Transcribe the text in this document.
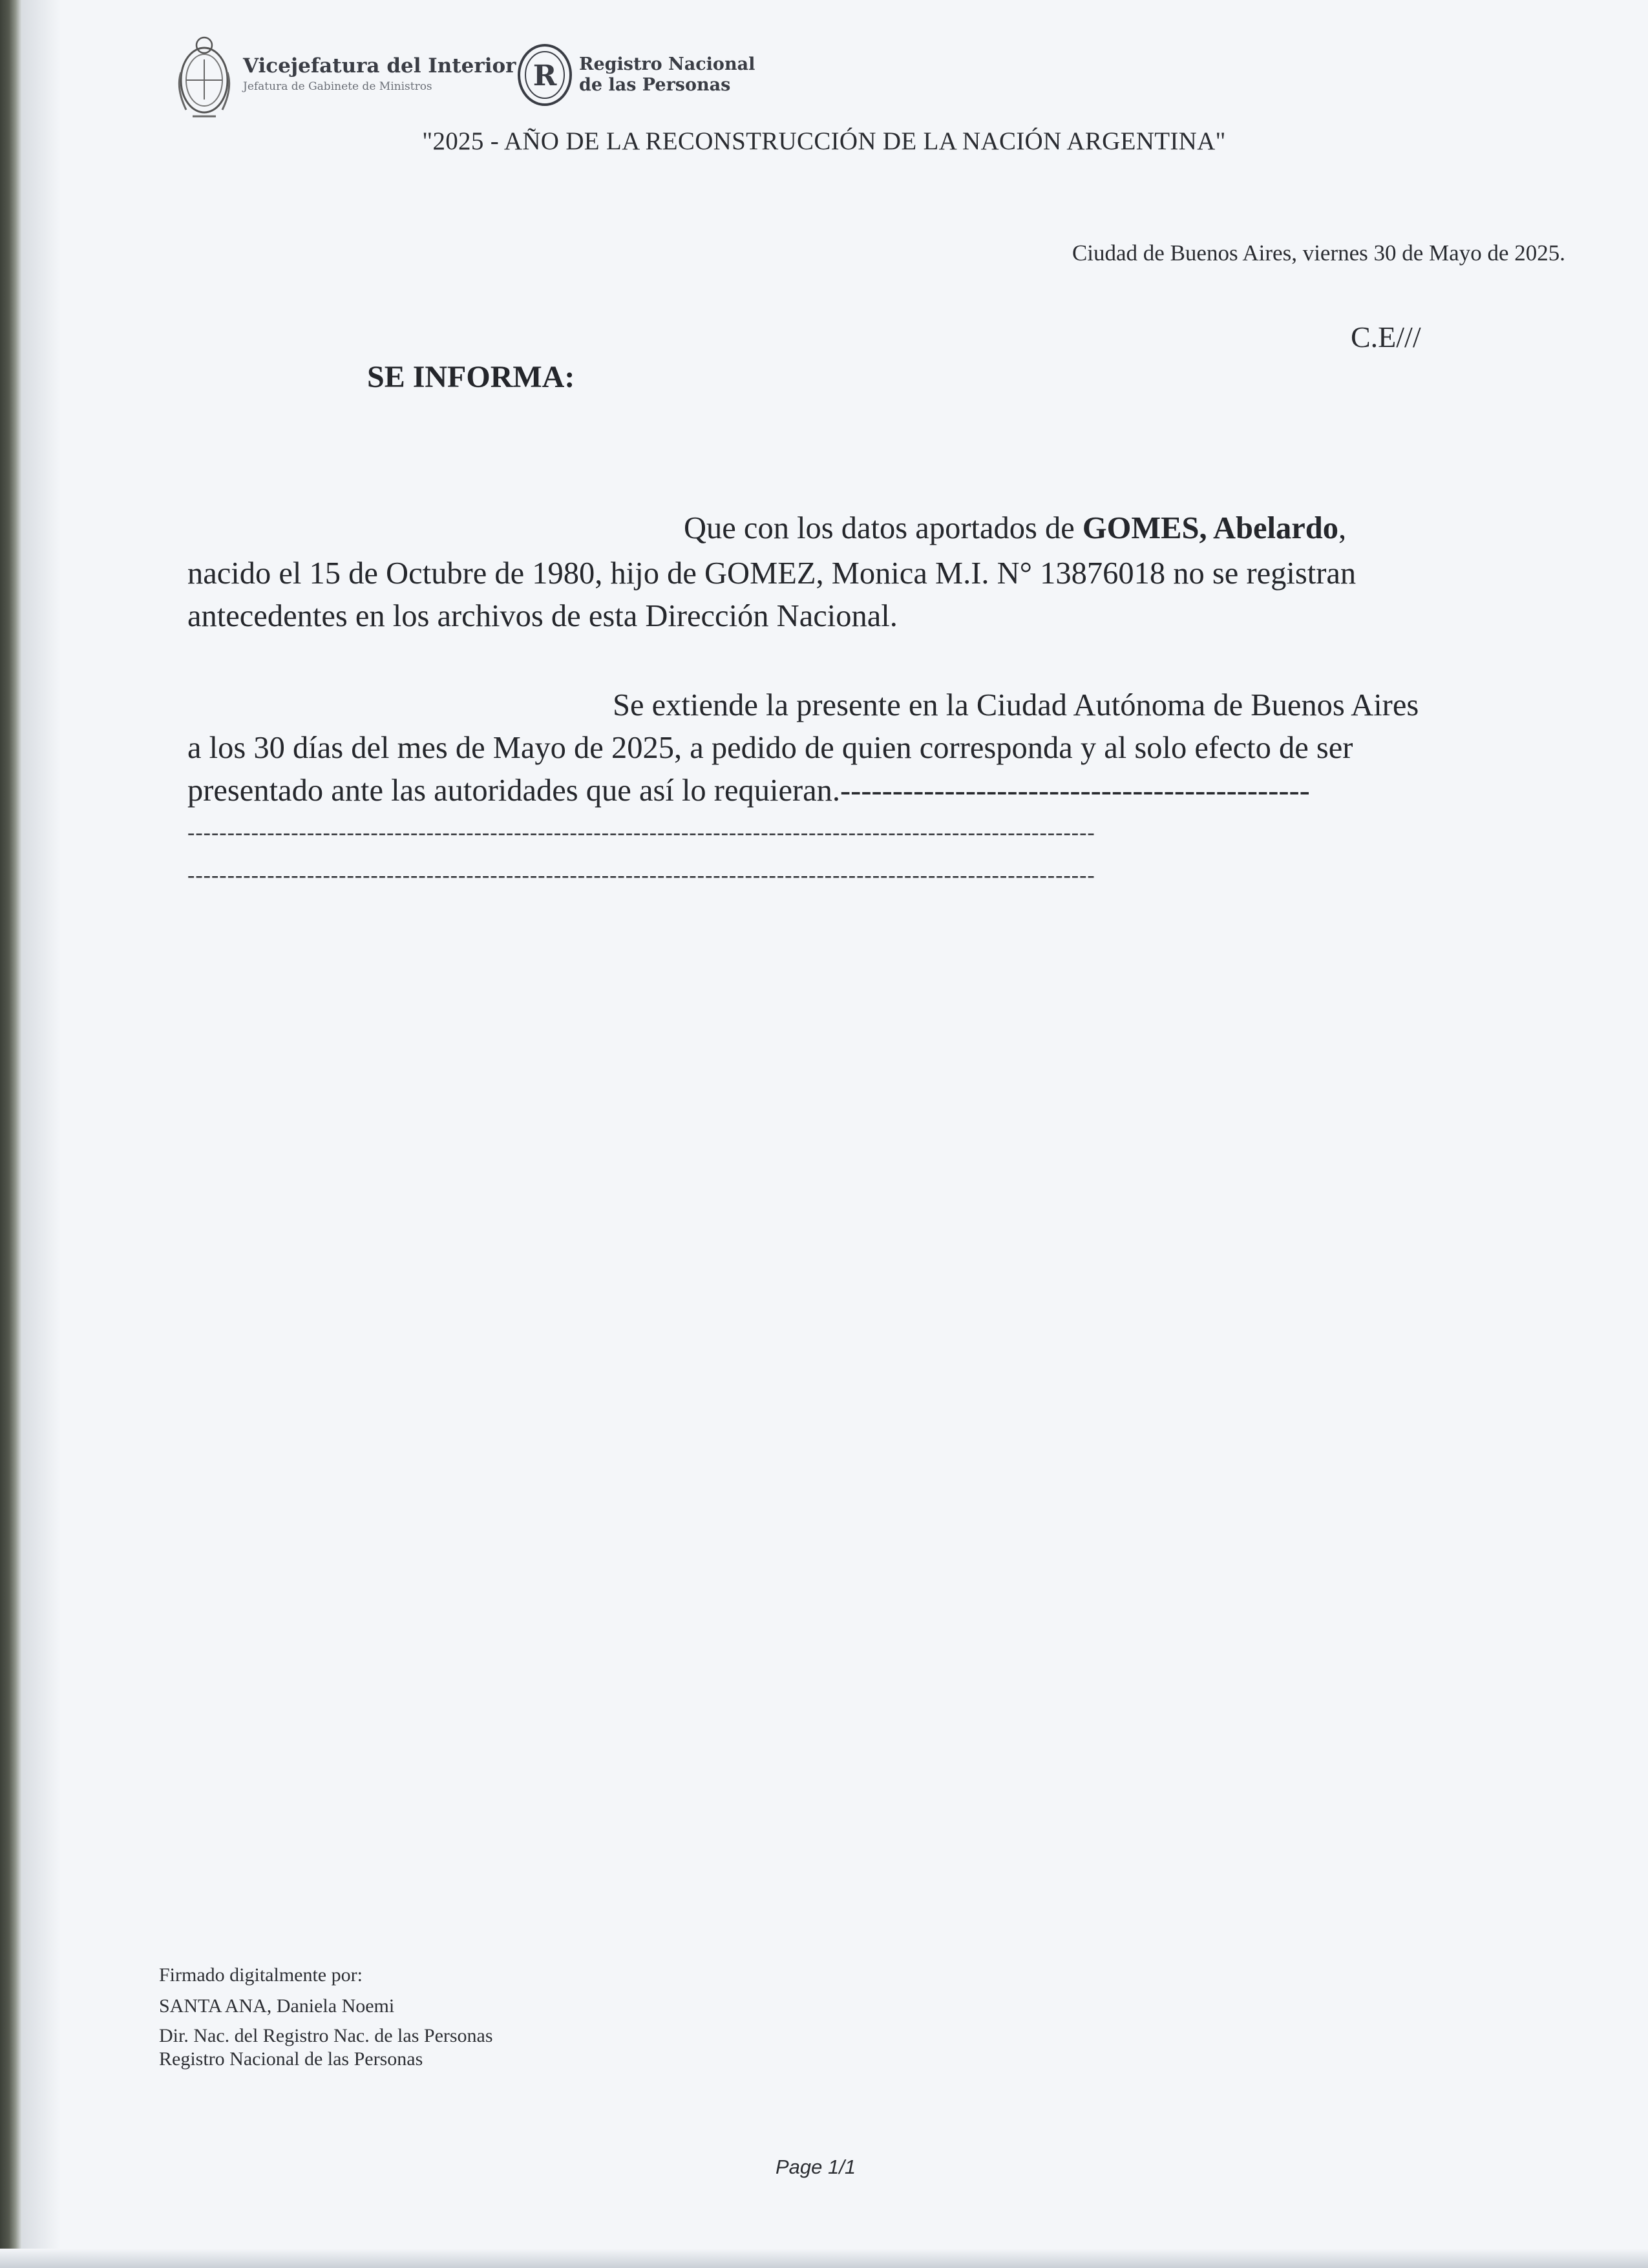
Vicejefatura del Interior
Jefatura de Gabinete de Ministros	R Registro Nacional
de las Personas
"2025 - AÑO DE LA RECONSTRUCCIÓN DE LA NACIÓN ARGENTINA"
Ciudad de Buenos Aires, viernes 30 de Mayo de 2025.
C.E///
SE INFORMA:
Que con los datos aportados de GOMES, Abelardo,
nacido el 15 de Octubre de 1980, hijo de GOMEZ, Monica M.I. N° 13876018 no se registran
antecedentes en los archivos de esta Dirección Nacional.
Se extiende la presente en la Ciudad Autónoma de Buenos Aires
a los 30 días del mes de Mayo de 2025, a pedido de quien corresponda y al solo efecto de ser
presentado ante las autoridades que así lo requieran.---------------------------------------------
------------------------------------------------------------------------------------------------------------------
------------------------------------------------------------------------------------------------------------------
Firmado digitalmente por:
SANTA ANA, Daniela Noemi
Dir. Nac. del Registro Nac. de las Personas
Registro Nacional de las Personas
Page 1/1
